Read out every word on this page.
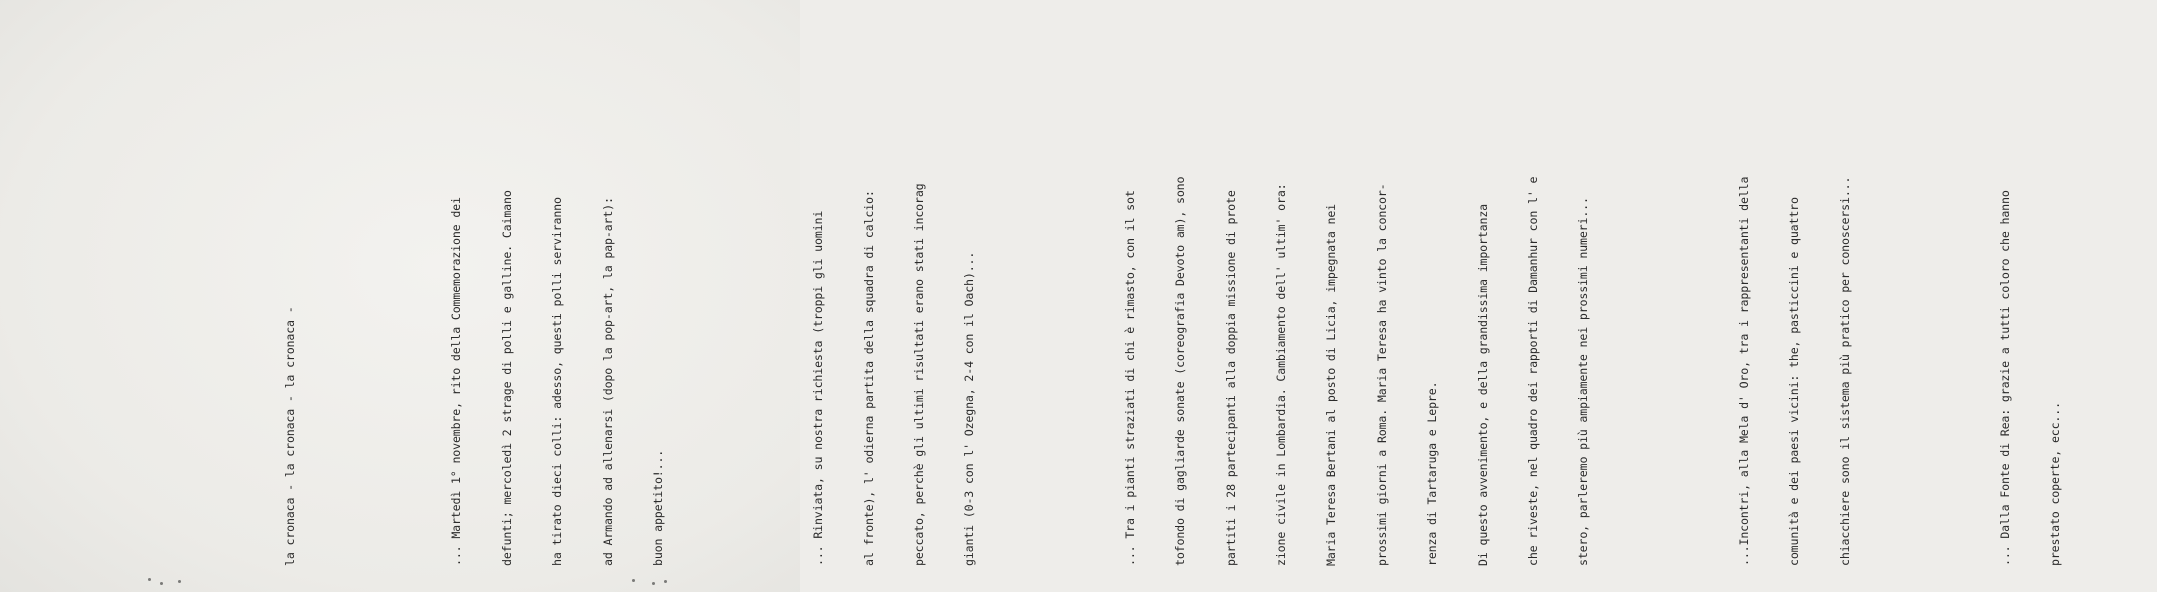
la cronaca - la cronaca - la cronaca -

	... Martedì 1° novembre, rito della Commemorazione dei

	defunti; mercoledì 2 strage di polli e galline. Caimano

	ha tirato dieci colli: adesso, questi polli serviranno

	ad Armando ad allenarsi (dopo la pop-art, la pap-art):

	buon appetito!...

	... Rinviata, su nostra richiesta (troppi gli uomini

	al fronte), l' odierna partita della squadra di calcio:

	peccato, perchè gli ultimi risultati erano stati incorag

	gianti (0-3 con l' Ozegna, 2-4 con il Oach)...

	... Tra i pianti straziati di chi è rimasto, con il sot

	tofondo di gagliarde sonate (coreografia Devoto am), sono

	partiti i 28 partecipanti alla doppia missione di prote

	zione civile in Lombardia. Cambiamento dell' ultim' ora:

	Maria Teresa Bertani al posto di Licia, impegnata nei

	prossimi giorni a Roma. Maria Teresa ha vinto la concor-

	renza di Tartaruga e Lepre.

	Di questo avvenimento, e della grandissima importanza

	che riveste, nel quadro dei rapporti di Damanhur con l' e

	stero, parleremo più ampiamente nei prossimi numeri...

	...Incontri, alla Mela d' Oro, tra i rappresentanti della

	comunità e dei paesi vicini: the, pasticcini e quattro

	chiacchiere sono il sistema più pratico per conoscersi...

	... Dalla Fonte di Rea: grazie a tutti coloro che hanno

	prestato coperte, ecc...
